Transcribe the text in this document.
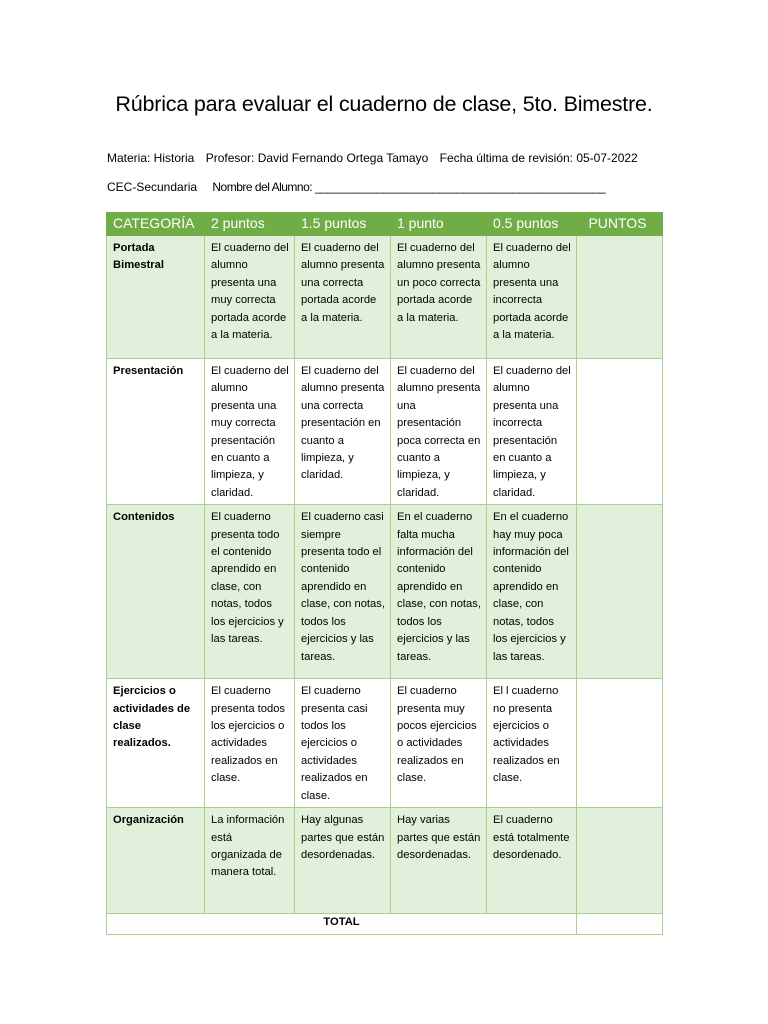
Rúbrica para evaluar el cuaderno de clase, 5to. Bimestre.
Materia: Historia Profesor: David Fernando Ortega Tamayo Fecha última de revisión: 05-07-2022
CEC-Secundaria Nombre del Alumno: _______________________________________________
CATEGORÍA	2 puntos	1.5 puntos	1 punto	0.5 puntos	PUNTOS
Portada Bimestral	El cuaderno del alumno presenta una muy correcta portada acorde a la materia.	El cuaderno del alumno presenta una correcta portada acorde a la materia.	El cuaderno del alumno presenta un poco correcta portada acorde a la materia.	El cuaderno del alumno presenta una incorrecta portada acorde a la materia.	
Presentación	El cuaderno del alumno presenta una muy correcta presentación en cuanto a limpieza, y claridad.	El cuaderno del alumno presenta una correcta presentación en cuanto a limpieza, y claridad.	El cuaderno del alumno presenta una presentación poca correcta en cuanto a limpieza, y claridad.	El cuaderno del alumno presenta una incorrecta presentación en cuanto a limpieza, y claridad.	
Contenidos	El cuaderno presenta todo el contenido aprendido en clase, con notas, todos los ejercicios y las tareas.	El cuaderno casi siempre presenta todo el contenido aprendido en clase, con notas, todos los ejercicios y las tareas.	En el cuaderno falta mucha información del contenido aprendido en clase, con notas, todos los ejercicios y las tareas.	En el cuaderno hay muy poca información del contenido aprendido en clase, con notas, todos los ejercicios y las tareas.	
Ejercicios o actividades de clase realizados.	El cuaderno presenta todos los ejercicios o actividades realizados en clase.	El cuaderno presenta casi todos los ejercicios o actividades realizados en clase.	El cuaderno presenta muy pocos ejercicios o actividades realizados en clase.	El l cuaderno no presenta ejercicios o actividades realizados en clase.	
Organización	La información está organizada de manera total.	Hay algunas partes que están desordenadas.	Hay varias partes que están desordenadas.	El cuaderno está totalmente desordenado.	
TOTAL					
